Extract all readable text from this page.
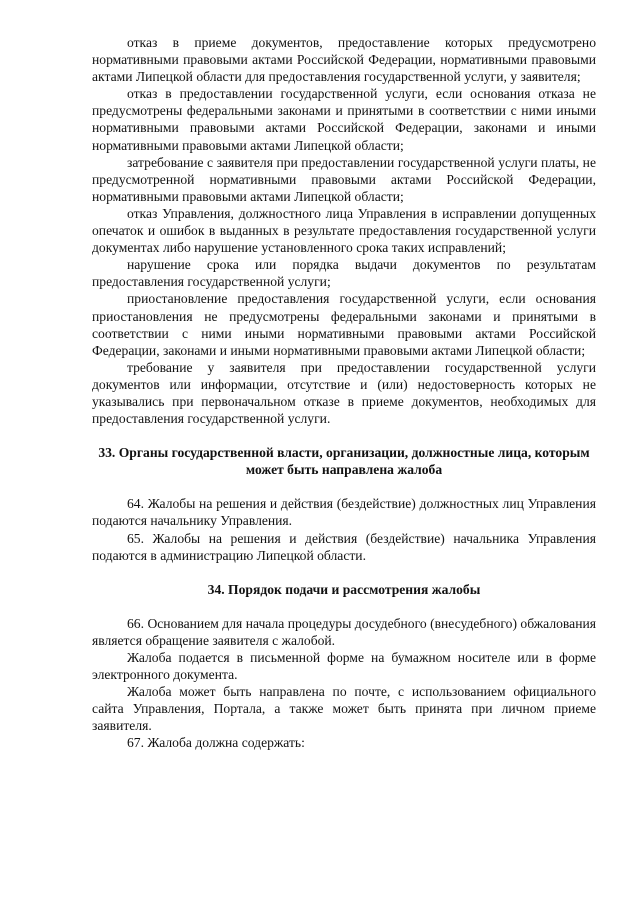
отказ в приеме документов, предоставление которых предусмотрено нормативными правовыми актами Российской Федерации, нормативными правовыми актами Липецкой области для предоставления государственной услуги, у заявителя;

отказ в предоставлении государственной услуги, если основания отказа не предусмотрены федеральными законами и принятыми в соответствии с ними иными нормативными правовыми актами Российской Федерации, законами и иными нормативными правовыми актами Липецкой области;

затребование с заявителя при предоставлении государственной услуги платы, не предусмотренной нормативными правовыми актами Российской Федерации, нормативными правовыми актами Липецкой области;

отказ Управления, должностного лица Управления в исправлении допущенных опечаток и ошибок в выданных в результате предоставления государственной услуги документах либо нарушение установленного срока таких исправлений;

нарушение срока или порядка выдачи документов по результатам предоставления государственной услуги;

приостановление предоставления государственной услуги, если основания приостановления не предусмотрены федеральными законами и принятыми в соответствии с ними иными нормативными правовыми актами Российской Федерации, законами и иными нормативными правовыми актами Липецкой области;

требование у заявителя при предоставлении государственной услуги документов или информации, отсутствие и (или) недостоверность которых не указывались при первоначальном отказе в приеме документов, необходимых для предоставления государственной услуги.

33. Органы государственной власти, организации, должностные лица, которым может быть направлена жалоба

64. Жалобы на решения и действия (бездействие) должностных лиц Управления подаются начальнику Управления.

65. Жалобы на решения и действия (бездействие) начальника Управления подаются в администрацию Липецкой области.

34. Порядок подачи и рассмотрения жалобы

66. Основанием для начала процедуры досудебного (внесудебного) обжалования является обращение заявителя с жалобой.

Жалоба подается в письменной форме на бумажном носителе или в форме электронного документа.

Жалоба может быть направлена по почте, с использованием официального сайта Управления, Портала, а также может быть принята при личном приеме заявителя.

67. Жалоба должна содержать:
